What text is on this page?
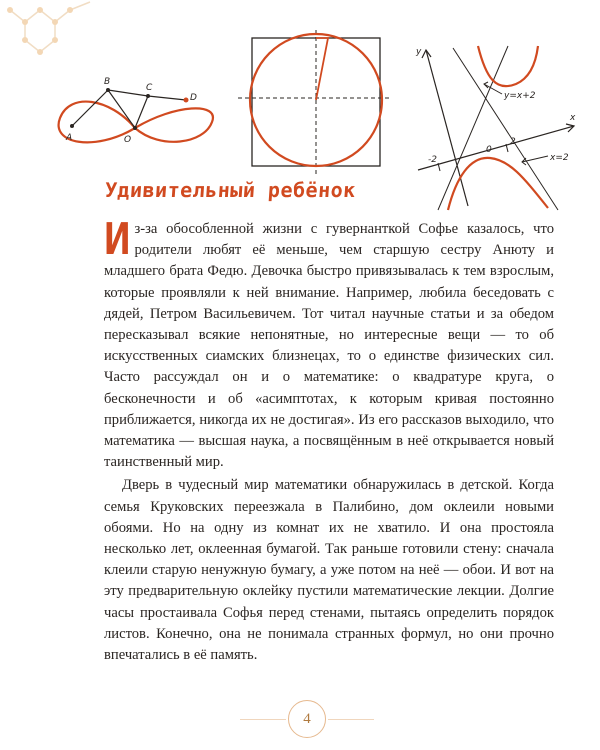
A
B
C
D
O
y
x
y=x+2
x=2
-2
2
0
Удивительный ребёнок

Из-за обособленной жизни с гувернанткой Софье казалось, что родители любят её меньше, чем старшую сестру Анюту и младшего брата Федю. Девочка быстро привязывалась к тем взрослым, которые проявляли к ней внимание. Например, любила беседовать с дядей, Петром Васильевичем. Тот читал научные статьи и за обедом пересказывал всякие непонятные, но интересные вещи — то об искусственных сиамских близнецах, то о единстве физических сил. Часто рассуждал он и о математике: о квадратуре круга, о бесконечности и об «асимптотах, к которым кривая постоянно приближается, никогда их не достигая». Из его рассказов выходило, что математика — высшая наука, а посвящённым в неё открывается новый таинственный мир.

Дверь в чудесный мир математики обнаружилась в детской. Когда семья Круковских переезжала в Палибино, дом оклеили новыми обоями. Но на одну из комнат их не хватило. И она простояла несколько лет, оклеенная бумагой. Так раньше готовили стену: сначала клеили старую ненужную бумагу, а уже потом на неё — обои. И вот на эту предварительную оклейку пустили математические лекции. Долгие часы простаивала Софья перед стенами, пытаясь определить порядок листов. Конечно, она не понимала странных формул, но они прочно впечатались в её память.

4
